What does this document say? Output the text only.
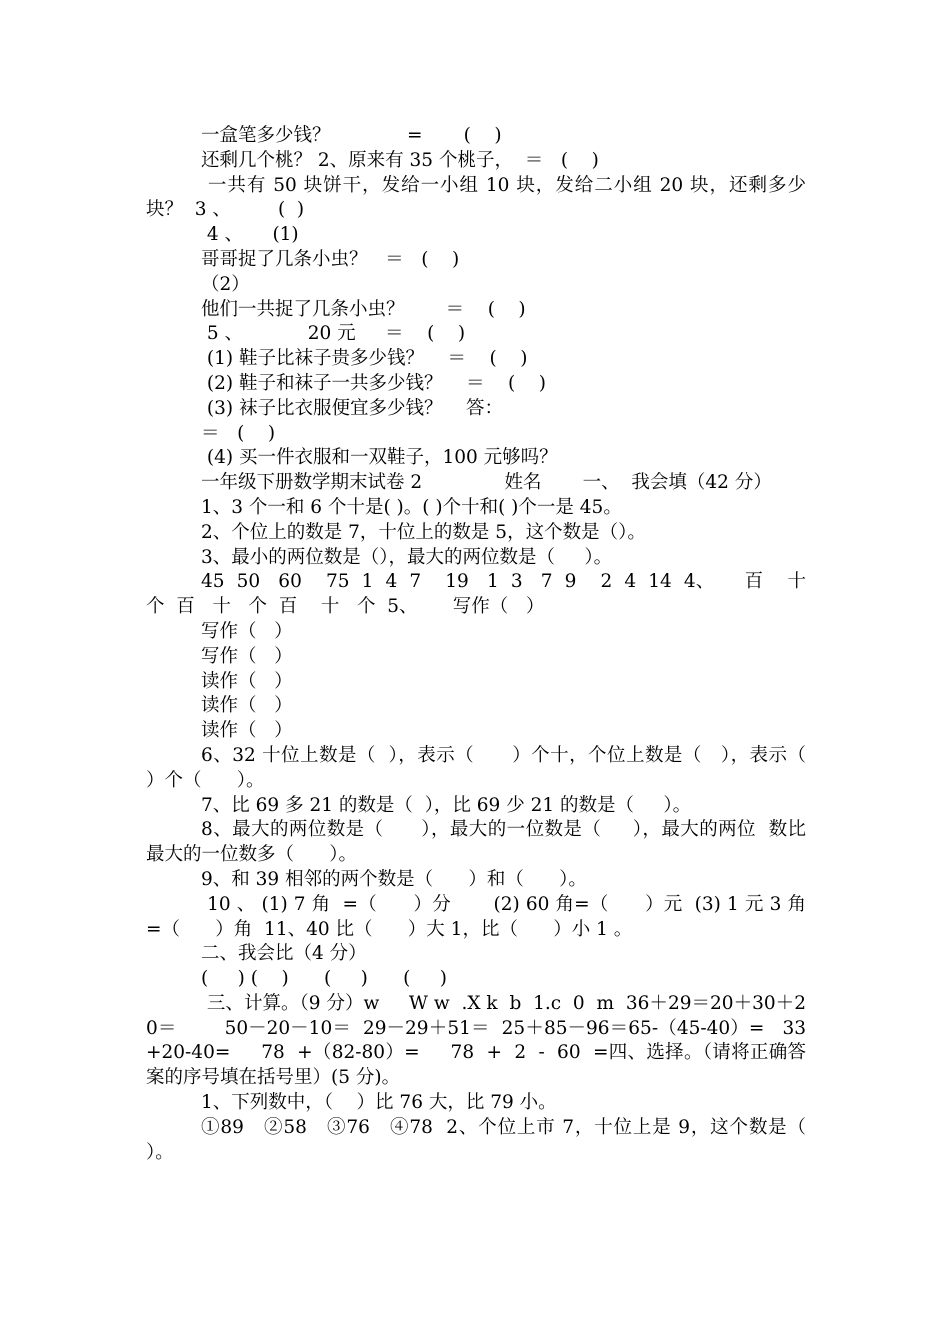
一盒笔多少钱？             =       (    )
还剩几个桃？ 2、原来有 35 个桃子，  ＝   (    )
一共有 50 块饼干，发给一小组 10 块，发给二小组 20 块，还剩多少块？  3 、        (  )
4 、     (1)
哥哥捉了几条小虫？   ＝   (    )
（2）
他们一共捉了几条小虫？       ＝    (    )
5 、           20 元     ＝    (    )
(1) 鞋子比袜子贵多少钱？    ＝    (    )
(2) 鞋子和袜子一共多少钱？    ＝    (    )
(3) 袜子比衣服便宜多少钱？    答：
＝   (    )
(4) 买一件衣服和一双鞋子，100 元够吗？
一年级下册数学期末试卷 2              姓名       一、  我会填（42 分）
1、3 个一和 6 个十是( )。( )个十和( )个一是 45。
2、个位上的数是 7，十位上的数是 5，这个数是（）。
3、最小的两位数是（），最大的两位数是（     ）。
45  50   60    75  1  4  7    19   1  3   7  9    2  4  14  4、     百    十   个  百   十   个  百    十   个  5、      写作（   ）
写作（   ）
写作（   ）
读作（   ）
读作（   ）
读作（   ）
6、32 十位上数是（  ），表示（      ）个十，个位上数是（   ），表示（      ）个（      ）。
7、比 69 多 21 的数是（  ），比 69 少 21 的数是（     ）。
8、最大的两位数是（      ），最大的一位数是（     ），最大的两位  数比最大的一位数多（      ）。
9、和 39 相邻的两个数是（      ）和（      ）。
10 、 (1) 7 角  =（      ）分       (2) 60 角=（      ）元  (3) 1 元 3 角=（      ）角  11、40 比（      ）大 1，比（      ）小 1 。
二、我会比（4 分）
(     ) (    )      (     )      (     )
三、计算。（9 分）w     W w  .X k  b  1.c  0  m  36＋29＝20＋30＋20＝        50－20－10＝  29－29＋51＝  25＋85－96＝65-（45-40）=   33+20-40=     78  +（82-80）=     78  +  2  -  60  =四、选择。（请将正确答案的序号填在括号里）(5 分)。
1、下列数中，（    ）比 76 大，比 79 小。
①89   ②58   ③76   ④78  2、个位上市 7，十位上是 9，这个数是（    ）。
